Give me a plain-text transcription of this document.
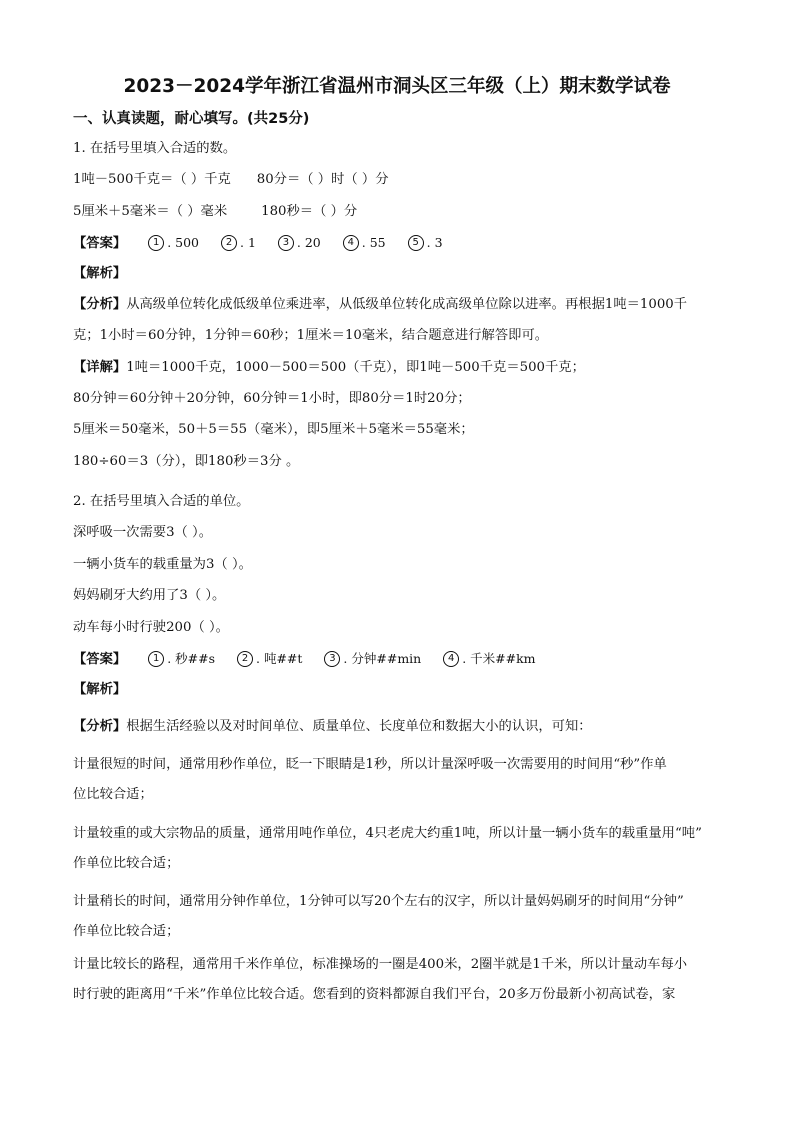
2023－2024学年浙江省温州市洞头区三年级（上）期末数学试卷
一、认真读题，耐心填写。(共25分)
1. 在括号里填入合适的数。
1吨－500千克＝（ ）千克 80分＝（ ）时（ ）分
5厘米＋5毫米＝（ ）毫米	180秒＝（ ）分
【答案】	1 . 500	2 . 1	3 . 20	4 . 55	5 . 3
【解析】
【分析】从高级单位转化成低级单位乘进率，从低级单位转化成高级单位除以进率。再根据1吨＝1000千
克；1小时＝60分钟，1分钟＝60秒；1厘米＝10毫米，结合题意进行解答即可。
【详解】1吨＝1000千克，1000－500＝500（千克），即1吨－500千克＝500千克；
80分钟＝60分钟＋20分钟，60分钟＝1小时，即80分＝1时20分；
5厘米＝50毫米，50＋5＝55（毫米），即5厘米＋5毫米＝55毫米；
180÷60＝3（分），即180秒＝3分 。
2. 在括号里填入合适的单位。
深呼吸一次需要3（ ）。
一辆小货车的载重量为3（ ）。
妈妈刷牙大约用了3（ ）。
动车每小时行驶200（ ）。
【答案】	1 . 秒##s	2 . 吨##t	3 . 分钟##min	4 . 千米##km
【解析】
【分析】根据生活经验以及对时间单位、质量单位、长度单位和数据大小的认识，可知：
计量很短的时间，通常用秒作单位，眨一下眼睛是1秒，所以计量深呼吸一次需要用的时间用“秒”作单
位比较合适；
计量较重的或大宗物品的质量，通常用吨作单位，4只老虎大约重1吨，所以计量一辆小货车的载重量用“吨”
作单位比较合适；
计量稍长的时间，通常用分钟作单位，1分钟可以写20个左右的汉字，所以计量妈妈刷牙的时间用“分钟”
作单位比较合适；
计量比较长的路程，通常用千米作单位，标准操场的一圈是400米，2圈半就是1千米，所以计量动车每小
时行驶的距离用“千米”作单位比较合适。您看到的资料都源自我们平台，20多万份最新小初高试卷，家
